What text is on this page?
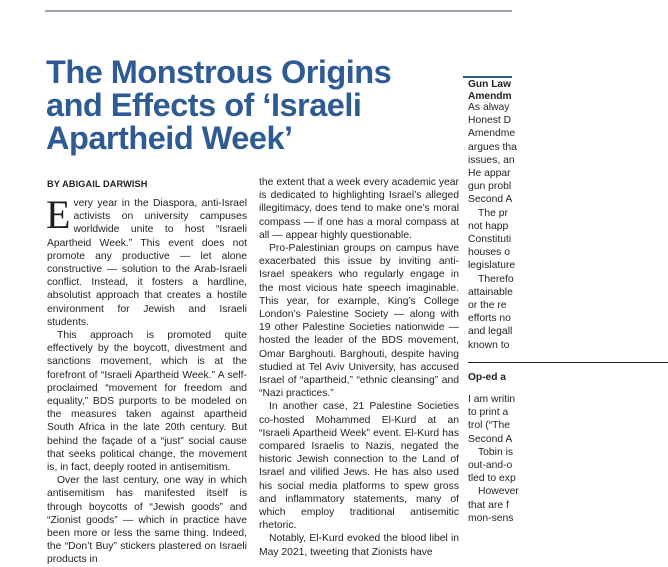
The Monstrous Origins and Effects of ‘Israeli Apartheid Week’
BY ABIGAIL DARWISH

Every year in the Diaspora, anti-Israel activists on university campuses worldwide unite to host “Israeli Apartheid Week.” This event does not promote any productive — let alone constructive — solution to the Arab-Israeli conflict. Instead, it fosters a hardline, absolutist approach that creates a hostile environment for Jewish and Israeli students.

This approach is promoted quite effectively by the boycott, divestment and sanctions movement, which is at the forefront of “Israeli Apartheid Week.” A self-proclaimed “movement for freedom and equality,” BDS purports to be modeled on the measures taken against apartheid South Africa in the late 20th century. But behind the façade of a “just” social cause that seeks political change, the movement is, in fact, deeply rooted in antisemitism.

Over the last century, one way in which antisemitism has manifested itself is through boycotts of “Jewish goods” and “Zionist goods” — which in practice have been more or less the same thing. Indeed, the “Don’t Buy” stickers plastered on Israeli products in

the extent that a week every academic year is dedicated to highlighting Israel’s alleged illegitimacy, does tend to make one’s moral compass — if one has a moral compass at all — appear highly questionable.

Pro-Palestinian groups on campus have exacerbated this issue by inviting anti-Israel speakers who regularly engage in the most vicious hate speech imaginable. This year, for example, King’s College London’s Palestine Society — along with 19 other Palestine Societies nationwide — hosted the leader of the BDS movement, Omar Barghouti. Barghouti, despite having studied at Tel Aviv University, has accused Israel of “apartheid,” “ethnic cleansing” and “Nazi practices.”

In another case, 21 Palestine Societies co-hosted Mohammed El-Kurd at an “Israeli Apartheid Week” event. El-Kurd has compared Israelis to Nazis, negated the historic Jewish connection to the Land of Israel and vilified Jews. He has also used his social media platforms to spew gross and inflammatory statements, many of which employ traditional antisemitic rhetoric.

Notably, El-Kurd evoked the blood libel in May 2021, tweeting that Zionists have

Gun Law
Amendm
As alway
Honest D
Amendme
argues tha
issues, an
He appar
gun probl
Second A
The pr
not happ
Constituti
houses o
legislature
Therefo
attainable
or the re
efforts no
and legall
known to
Op-ed a
I am writin
to print a
trol (“The
Second A
Tobin is
out-and-o
tled to exp
However
that are f
mon-sens
